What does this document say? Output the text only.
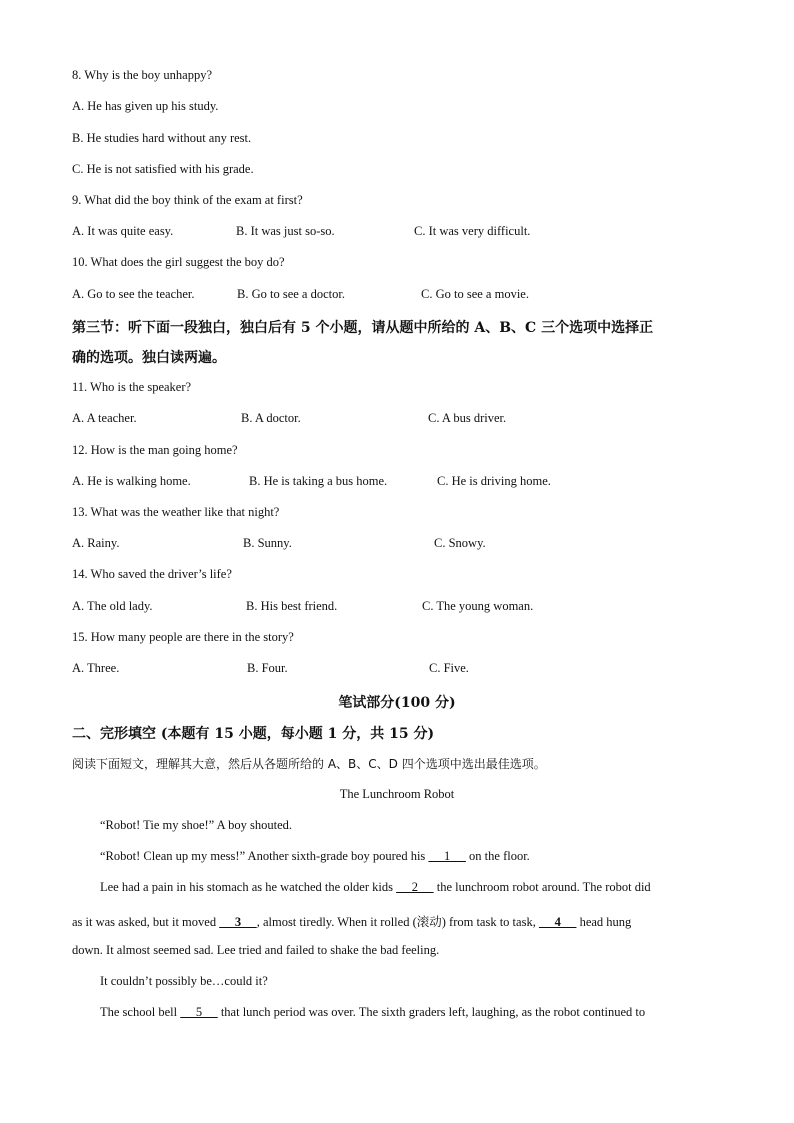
8. Why is the boy unhappy?
A. He has given up his study.
B. He studies hard without any rest.
C. He is not satisfied with his grade.
9. What did the boy think of the exam at first?
A. It was quite easy.	B. It was just so-so.	C. It was very difficult.
10. What does the girl suggest the boy do?
A. Go to see the teacher.	B. Go to see a doctor.	C. Go to see a movie.
第三节：听下面一段独白，独白后有 5 个小题，请从题中所给的 A、B、C 三个选项中选择正
确的选项。独白读两遍。
11. Who is the speaker?
A. A teacher.	B. A doctor.	C. A bus driver.
12. How is the man going home?
A. He is walking home.	B. He is taking a bus home.	C. He is driving home.
13. What was the weather like that night?
A. Rainy.	B. Sunny.	C. Snowy.
14. Who saved the driver’s life?
A. The old lady.	B. His best friend.	C. The young woman.
15. How many people are there in the story?
A. Three.	B. Four.	C. Five.
笔试部分(100 分)
二、完形填空 (本题有 15 小题，每小题 1 分，共 15 分)
阅读下面短文，理解其大意，然后从各题所给的 A、B、C、D 四个选项中选出最佳选项。
The Lunchroom Robot
“Robot! Tie my shoe!” A boy shouted.
“Robot! Clean up my mess!” Another sixth-grade boy poured his      1      on the floor.
Lee had a pain in his stomach as he watched the older kids      2      the lunchroom robot around. The robot did
as it was asked, but it moved      3     , almost tiredly. When it rolled (滚动) from task to task,      4      head hung
down. It almost seemed sad. Lee tried and failed to shake the bad feeling.
It couldn’t possibly be…could it?
The school bell      5      that lunch period was over. The sixth graders left, laughing, as the robot continued to
